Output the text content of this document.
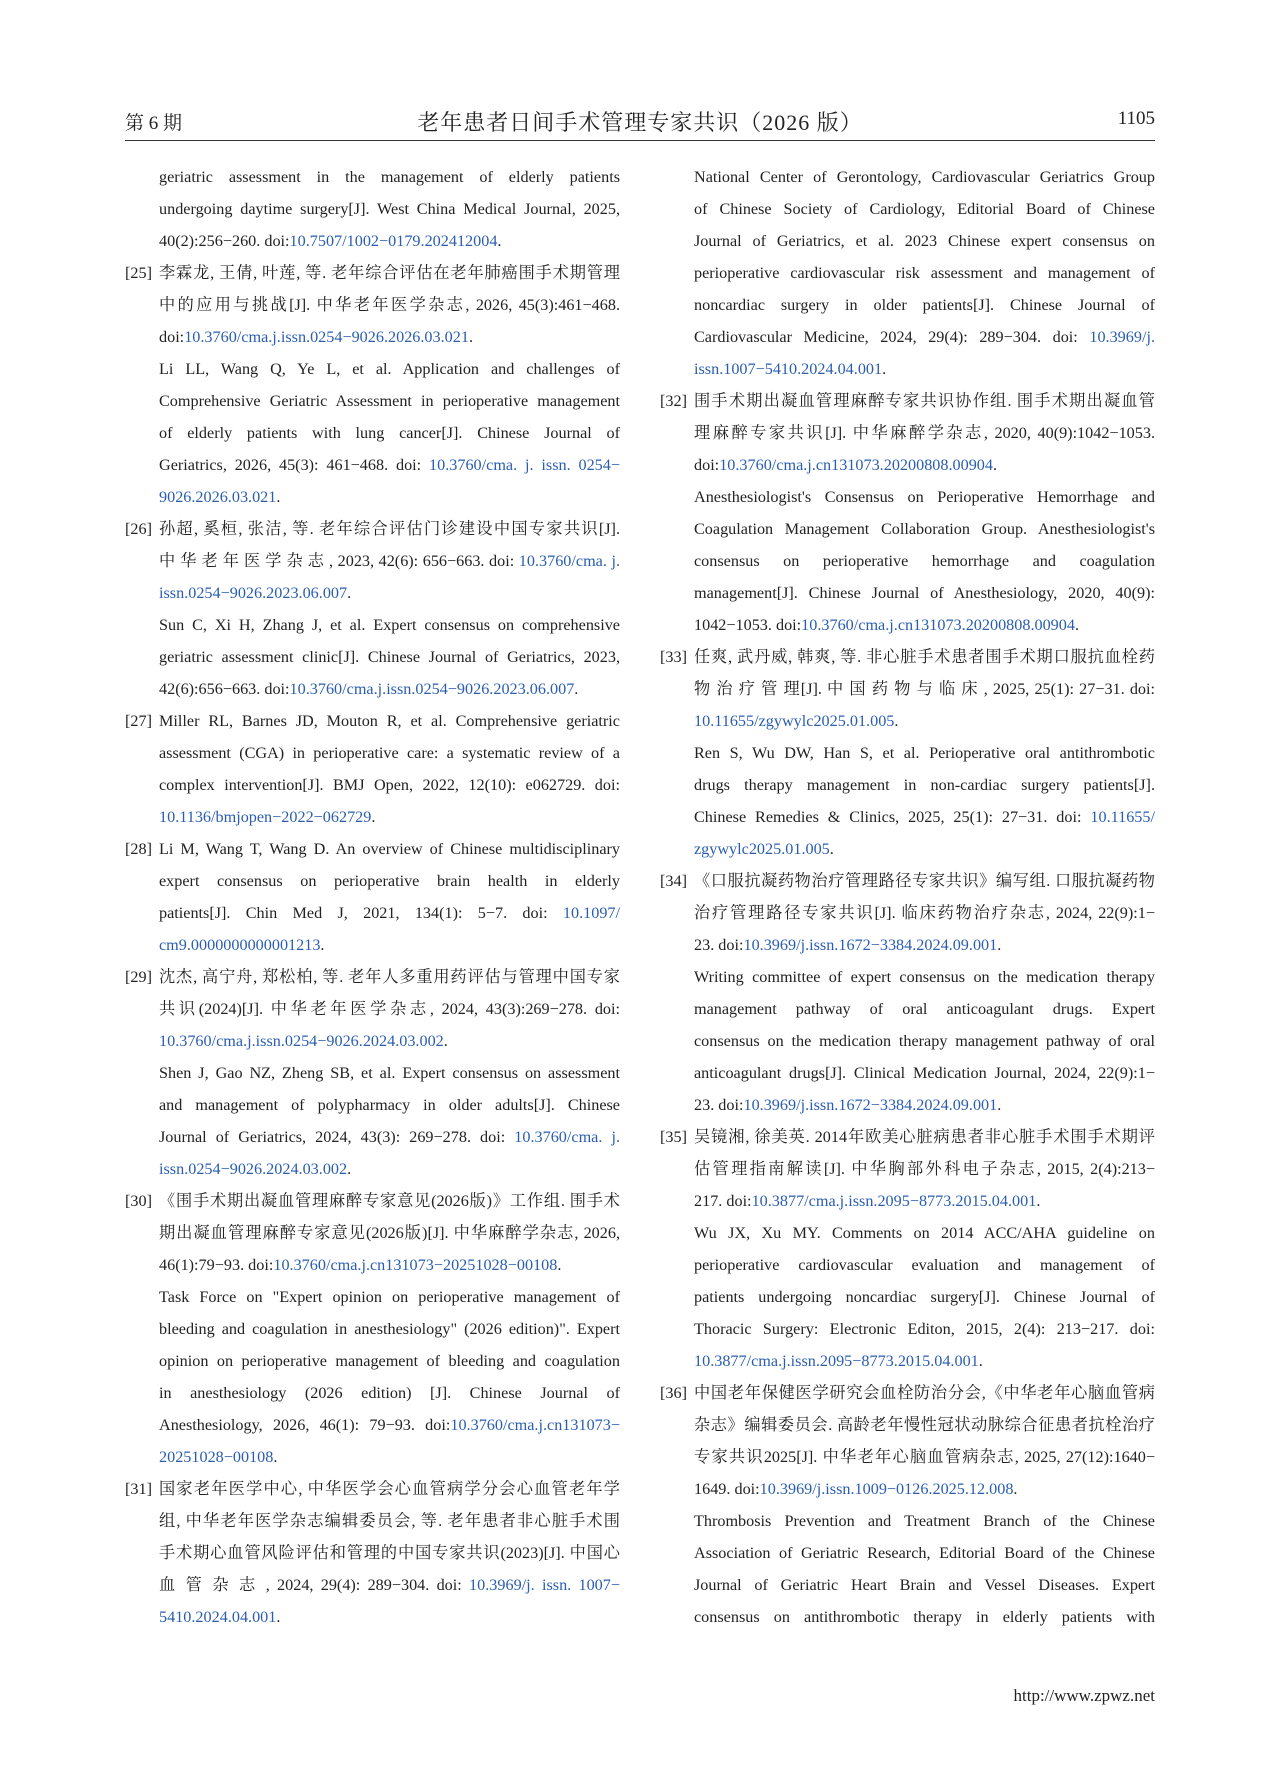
第 6 期	老年患者日间手术管理专家共识（2026 版）	1105
geriatric assessment in the management of elderly patients
undergoing daytime surgery[J]. West China Medical Journal, 2025,
40(2):256−260. doi:10.7507/1002−0179.202412004.
[25] 李霖龙, 王倩, 叶莲, 等. 老年综合评估在老年肺癌围手术期管理
中的应用与挑战[J]. 中华老年医学杂志, 2026, 45(3):461−468.
doi:10.3760/cma.j.issn.0254−9026.2026.03.021.
Li LL, Wang Q, Ye L, et al. Application and challenges of
Comprehensive Geriatric Assessment in perioperative management
of elderly patients with lung cancer[J]. Chinese Journal of
Geriatrics, 2026, 45(3): 461−468. doi: 10.3760/cma. j. issn. 0254−
9026.2026.03.021.
[26] 孙超, 奚桓, 张洁, 等. 老年综合评估门诊建设中国专家共识[J].
中 华 老 年 医 学 杂 志 , 2023, 42(6): 656−663. doi: 10.3760/cma. j.
issn.0254−9026.2023.06.007.
Sun C, Xi H, Zhang J, et al. Expert consensus on comprehensive
geriatric assessment clinic[J]. Chinese Journal of Geriatrics, 2023,
42(6):656−663. doi:10.3760/cma.j.issn.0254−9026.2023.06.007.
[27] Miller RL, Barnes JD, Mouton R, et al. Comprehensive geriatric
assessment (CGA) in perioperative care: a systematic review of a
complex intervention[J]. BMJ Open, 2022, 12(10): e062729. doi:
10.1136/bmjopen−2022−062729.
[28] Li M, Wang T, Wang D. An overview of Chinese multidisciplinary
expert consensus on perioperative brain health in elderly
patients[J]. Chin Med J, 2021, 134(1): 5−7. doi: 10.1097/
cm9.0000000000001213.
[29] 沈杰, 高宁舟, 郑松柏, 等. 老年人多重用药评估与管理中国专家
共识(2024)[J]. 中华老年医学杂志, 2024, 43(3):269−278. doi:
10.3760/cma.j.issn.0254−9026.2024.03.002.
Shen J, Gao NZ, Zheng SB, et al. Expert consensus on assessment
and management of polypharmacy in older adults[J]. Chinese
Journal of Geriatrics, 2024, 43(3): 269−278. doi: 10.3760/cma. j.
issn.0254−9026.2024.03.002.
[30] 《围手术期出凝血管理麻醉专家意见(2026版)》工作组. 围手术
期出凝血管理麻醉专家意见(2026版)[J]. 中华麻醉学杂志, 2026,
46(1):79−93. doi:10.3760/cma.j.cn131073−20251028−00108.
Task Force on "Expert opinion on perioperative management of
bleeding and coagulation in anesthesiology" (2026 edition)". Expert
opinion on perioperative management of bleeding and coagulation
in anesthesiology (2026 edition) [J]. Chinese Journal of
Anesthesiology, 2026, 46(1): 79−93. doi:10.3760/cma.j.cn131073−
20251028−00108.
[31] 国家老年医学中心, 中华医学会心血管病学分会心血管老年学
组, 中华老年医学杂志编辑委员会, 等. 老年患者非心脏手术围
手术期心血管风险评估和管理的中国专家共识(2023)[J]. 中国心
血 管 杂 志 , 2024, 29(4): 289−304. doi: 10.3969/j. issn. 1007−
5410.2024.04.001.
National Center of Gerontology, Cardiovascular Geriatrics Group
of Chinese Society of Cardiology, Editorial Board of Chinese
Journal of Geriatrics, et al. 2023 Chinese expert consensus on
perioperative cardiovascular risk assessment and management of
noncardiac surgery in older patients[J]. Chinese Journal of
Cardiovascular Medicine, 2024, 29(4): 289−304. doi: 10.3969/j.
issn.1007−5410.2024.04.001.
[32] 围手术期出凝血管理麻醉专家共识协作组. 围手术期出凝血管
理麻醉专家共识[J]. 中华麻醉学杂志, 2020, 40(9):1042−1053.
doi:10.3760/cma.j.cn131073.20200808.00904.
Anesthesiologist's Consensus on Perioperative Hemorrhage and
Coagulation Management Collaboration Group. Anesthesiologist's
consensus on perioperative hemorrhage and coagulation
management[J]. Chinese Journal of Anesthesiology, 2020, 40(9):
1042−1053. doi:10.3760/cma.j.cn131073.20200808.00904.
[33] 任爽, 武丹威, 韩爽, 等. 非心脏手术患者围手术期口服抗血栓药
物 治 疗 管 理[J]. 中 国 药 物 与 临 床 , 2025, 25(1): 27−31. doi:
10.11655/zgywylc2025.01.005.
Ren S, Wu DW, Han S, et al. Perioperative oral antithrombotic
drugs therapy management in non-cardiac surgery patients[J].
Chinese Remedies & Clinics, 2025, 25(1): 27−31. doi: 10.11655/
zgywylc2025.01.005.
[34] 《口服抗凝药物治疗管理路径专家共识》编写组. 口服抗凝药物
治疗管理路径专家共识[J]. 临床药物治疗杂志, 2024, 22(9):1−
23. doi:10.3969/j.issn.1672−3384.2024.09.001.
Writing committee of expert consensus on the medication therapy
management pathway of oral anticoagulant drugs. Expert
consensus on the medication therapy management pathway of oral
anticoagulant drugs[J]. Clinical Medication Journal, 2024, 22(9):1−
23. doi:10.3969/j.issn.1672−3384.2024.09.001.
[35] 吴镜湘, 徐美英. 2014年欧美心脏病患者非心脏手术围手术期评
估管理指南解读[J]. 中华胸部外科电子杂志, 2015, 2(4):213−
217. doi:10.3877/cma.j.issn.2095−8773.2015.04.001.
Wu JX, Xu MY. Comments on 2014 ACC/AHA guideline on
perioperative cardiovascular evaluation and management of
patients undergoing noncardiac surgery[J]. Chinese Journal of
Thoracic Surgery: Electronic Editon, 2015, 2(4): 213−217. doi:
10.3877/cma.j.issn.2095−8773.2015.04.001.
[36] 中国老年保健医学研究会血栓防治分会,《中华老年心脑血管病
杂志》编辑委员会. 高龄老年慢性冠状动脉综合征患者抗栓治疗
专家共识2025[J]. 中华老年心脑血管病杂志, 2025, 27(12):1640−
1649. doi:10.3969/j.issn.1009−0126.2025.12.008.
Thrombosis Prevention and Treatment Branch of the Chinese
Association of Geriatric Research, Editorial Board of the Chinese
Journal of Geriatric Heart Brain and Vessel Diseases. Expert
consensus on antithrombotic therapy in elderly patients with
http://www.zpwz.net
